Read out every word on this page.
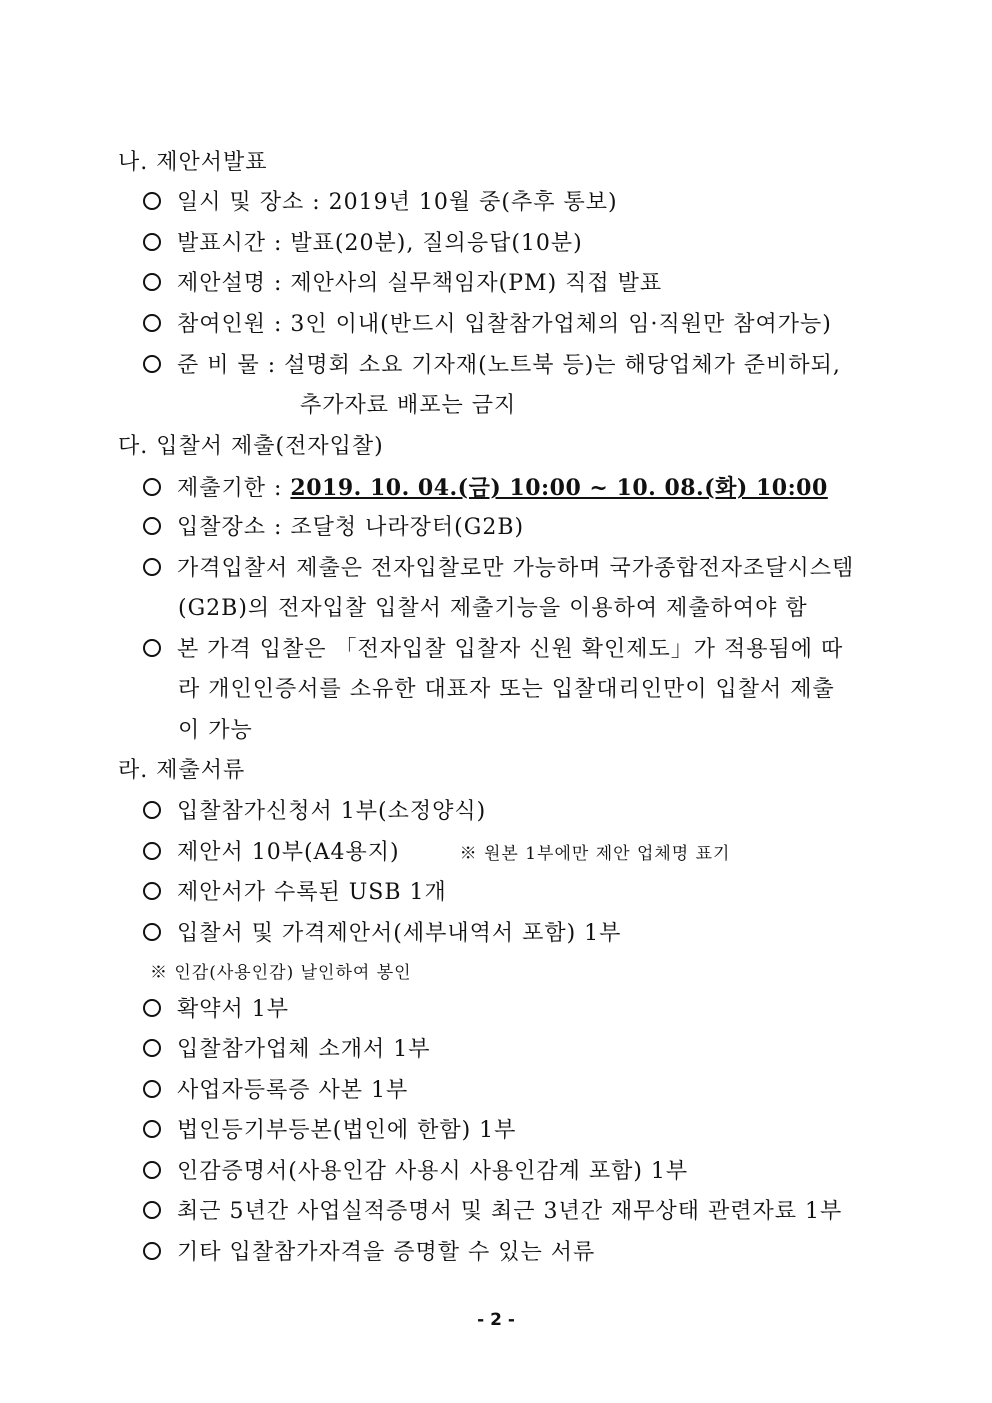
나. 제안서발표
일시 및 장소 : 2019년 10월 중(추후 통보)
발표시간 : 발표(20분), 질의응답(10분)
제안설명 : 제안사의 실무책임자(PM) 직접 발표
참여인원 : 3인 이내(반드시 입찰참가업체의 임·직원만 참여가능)
준 비 물 : 설명회 소요 기자재(노트북 등)는 해당업체가 준비하되,
추가자료 배포는 금지
다. 입찰서 제출(전자입찰)
제출기한 : 2019. 10. 04.(금) 10:00 ~ 10. 08.(화) 10:00
입찰장소 : 조달청 나라장터(G2B)
가격입찰서 제출은 전자입찰로만 가능하며 국가종합전자조달시스템
(G2B)의 전자입찰 입찰서 제출기능을 이용하여 제출하여야 함
본 가격 입찰은 「전자입찰 입찰자 신원 확인제도」가 적용됨에 따
라 개인인증서를 소유한 대표자 또는 입찰대리인만이 입찰서 제출
이 가능
라. 제출서류
입찰참가신청서 1부(소정양식)
제안서 10부(A4용지)	※ 원본 1부에만 제안 업체명 표기
제안서가 수록된 USB 1개
입찰서 및 가격제안서(세부내역서 포함) 1부
※ 인감(사용인감) 날인하여 봉인
확약서 1부
입찰참가업체 소개서 1부
사업자등록증 사본 1부
법인등기부등본(법인에 한함) 1부
인감증명서(사용인감 사용시 사용인감계 포함) 1부
최근 5년간 사업실적증명서 및 최근 3년간 재무상태 관련자료 1부
기타 입찰참가자격을 증명할 수 있는 서류
- 2 -
